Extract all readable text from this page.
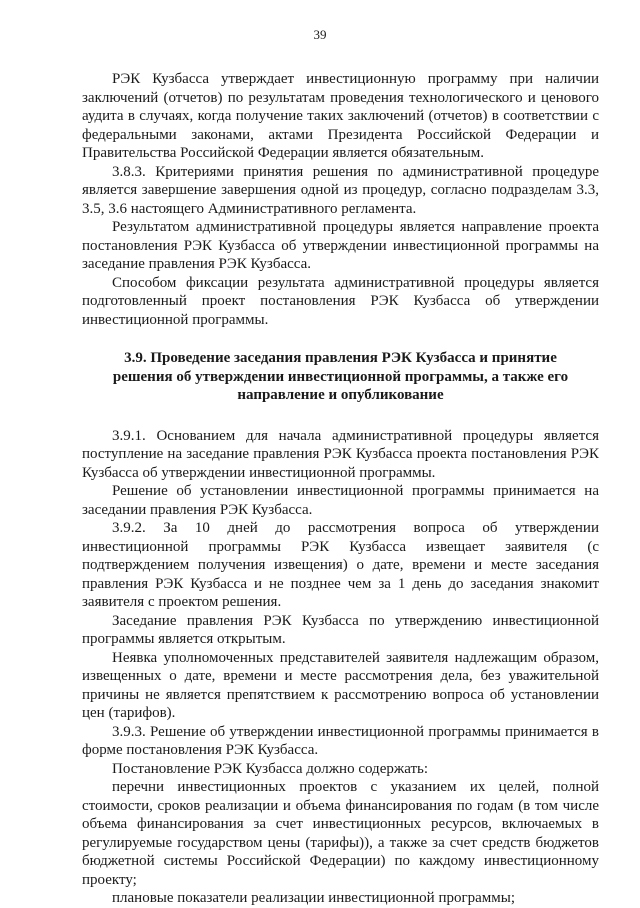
39

РЭК Кузбасса утверждает инвестиционную программу при наличии заключений (отчетов) по результатам проведения технологического и ценового аудита в случаях, когда получение таких заключений (отчетов) в соответствии с федеральными законами, актами Президента Российской Федерации и Правительства Российской Федерации является обязательным.

3.8.3. Критериями принятия решения по административной процедуре является завершение завершения одной из процедур, согласно подразделам 3.3, 3.5, 3.6 настоящего Административного регламента.

Результатом административной процедуры является направление проекта постановления РЭК Кузбасса об утверждении инвестиционной программы на заседание правления РЭК Кузбасса.

Способом фиксации результата административной процедуры является подготовленный проект постановления РЭК Кузбасса об утверждении инвестиционной программы.

3.9. Проведение заседания правления РЭК Кузбасса и принятие решения об утверждении инвестиционной программы, а также его направление и опубликование

3.9.1. Основанием для начала административной процедуры является поступление на заседание правления РЭК Кузбасса проекта постановления РЭК Кузбасса об утверждении инвестиционной программы.

Решение об установлении инвестиционной программы принимается на заседании правления РЭК Кузбасса.

3.9.2. За 10 дней до рассмотрения вопроса об утверждении инвестиционной программы РЭК Кузбасса извещает заявителя (с подтверждением получения извещения) о дате, времени и месте заседания правления РЭК Кузбасса и не позднее чем за 1 день до заседания знакомит заявителя с проектом решения.

Заседание правления РЭК Кузбасса по утверждению инвестиционной программы является открытым.

Неявка уполномоченных представителей заявителя надлежащим образом, извещенных о дате, времени и месте рассмотрения дела, без уважительной причины не является препятствием к рассмотрению вопроса об установлении цен (тарифов).

3.9.3. Решение об утверждении инвестиционной программы принимается в форме постановления РЭК Кузбасса.

Постановление РЭК Кузбасса должно содержать:

перечни инвестиционных проектов с указанием их целей, полной стоимости, сроков реализации и объема финансирования по годам (в том числе объема финансирования за счет инвестиционных ресурсов, включаемых в регулируемые государством цены (тарифы)), а также за счет средств бюджетов бюджетной системы Российской Федерации) по каждому инвестиционному проекту;

плановые показатели реализации инвестиционной программы;
